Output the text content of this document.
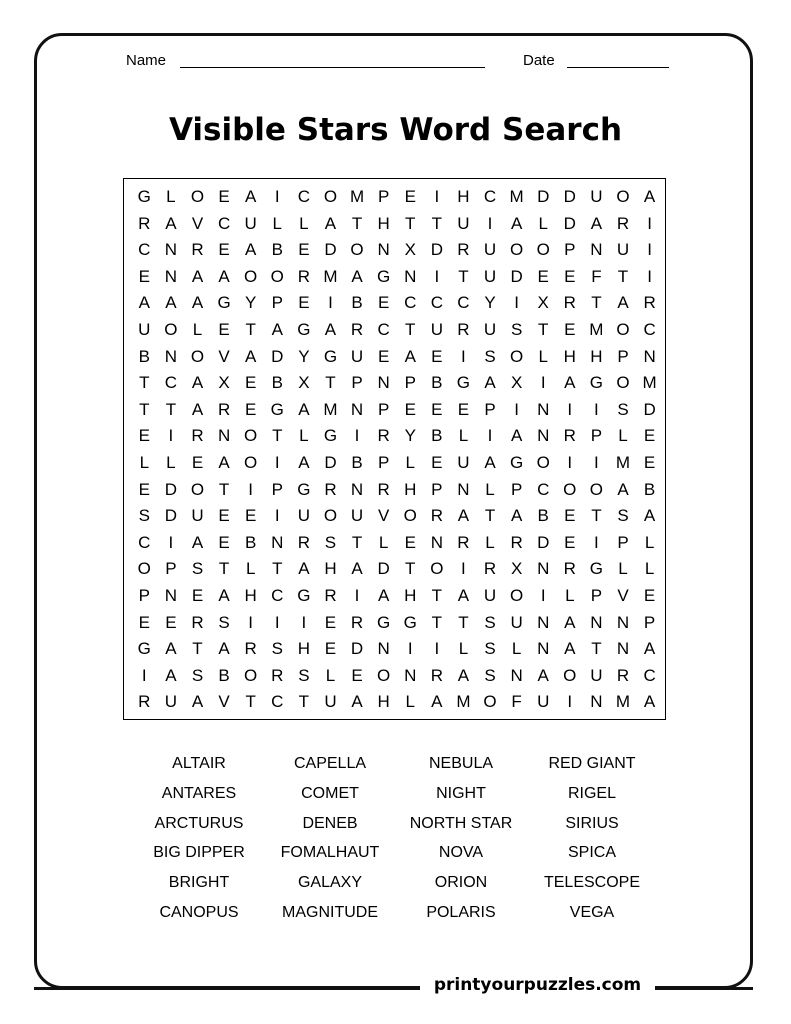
Name	Date
Visible Stars Word Search
G L O E A	I	C O M P E	I	H C M D D U O A
R A V C U L	L A T H T T U	I	A L D A R	I
C N R E A B E D O N X D R U O O P N U	I
E N A A O O R M A G N	I	T U D E E F T	I
A A A G Y P E	I	B E C C C Y	I	X R T A R
U O L E T A G A R C T U R U S T E M O C
B N O V A D Y G U E A E	I	S O L H H P N
T C A X E B X T P N P B G A X	I	A G O M
T T A R E G A M N P E E E P	I	N	I	I	S D
E	I	R N O T L G	I	R Y B L	I	A N R P L E
L	L E A O	I	A D B P L E U A G O	I	I	M E
E D O T	I	P G R N R H P N L P C O O A B
S D U E E	I	U O U V O R A T A B E T S A
C	I	A E B N R S T L E N R L R D E	I	P L
O P S T L T A H A D T O	I	R X N R G L	L
P N E A H C G R	I	A H T A U O	I	L P V E
E E R S	I	I	I	E R G G T T S U N A N N P
G A T A R S H E D N	I	I	L S L N A T N A
I	A S B O R S L E O N R A S N A O U R C
R U A V T C T U A H L A M O F U	I	N M A
ALTAIR	CAPELLA	NEBULA	RED GIANT
ANTARES	COMET	NIGHT	RIGEL
ARCTURUS	DENEB	NORTH STAR	SIRIUS
BIG DIPPER	FOMALHAUT	NOVA	SPICA
BRIGHT	GALAXY	ORION	TELESCOPE
CANOPUS	MAGNITUDE	POLARIS	VEGA
printyourpuzzles.com
